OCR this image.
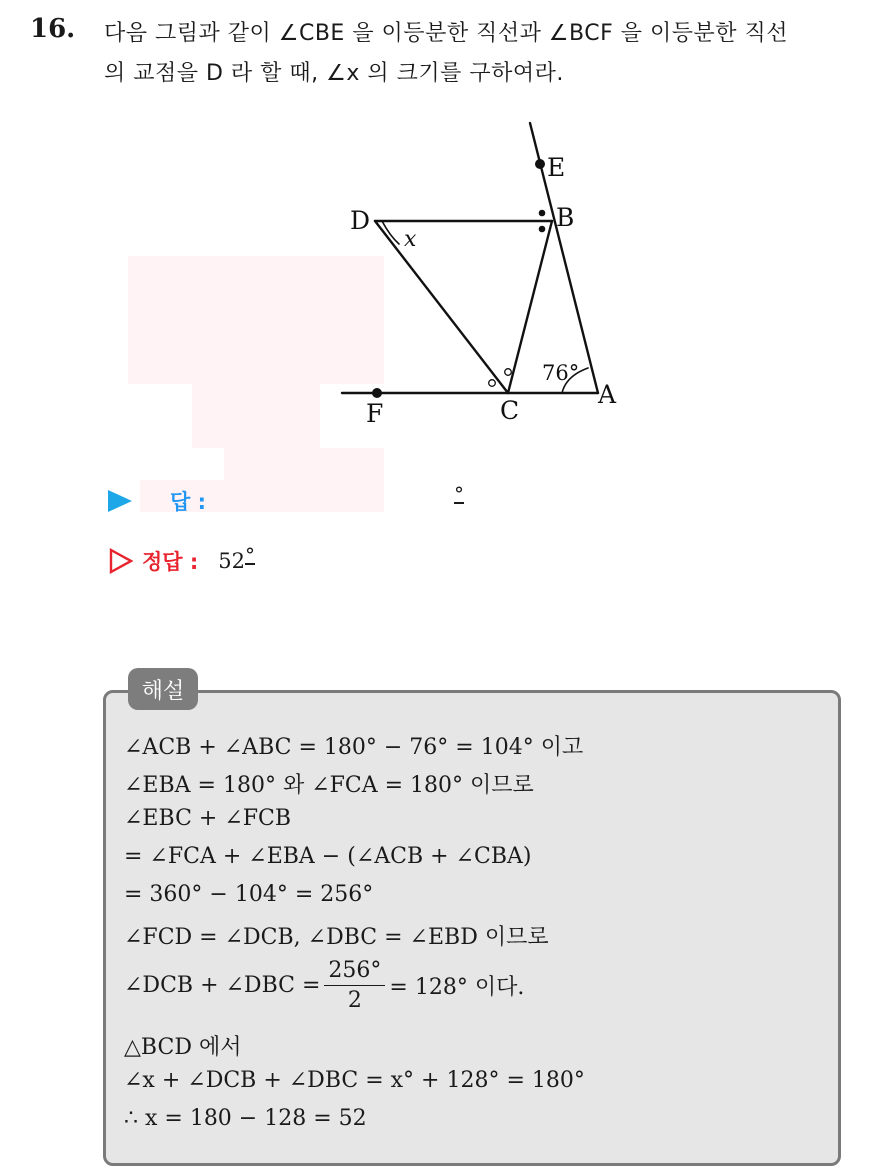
16. 다음 그림과 같이 ∠CBE 을 이등분한 직선과 ∠BCF 을 이등분한 직선
의 교점을 D 라 할 때, ∠x 의 크기를 구하여라.
E
D	B
A
F	C
x
76°
답 :	°
정답 : 52 °
해설
∠ACB + ∠ABC = 180° − 76° = 104° 이고
∠EBA = 180° 와 ∠FCA = 180° 이므로
∠EBC + ∠FCB
= ∠FCA + ∠EBA − (∠ACB + ∠CBA)
= 360° − 104° = 256°
∠FCD = ∠DCB, ∠DBC = ∠EBD 이므로
∠DCB + ∠DBC = $\frac{256^\circ}{2} = 128^\circ$ 이다.
△BCD 에서
∠x + ∠DCB + ∠DBC = x° + 128° = 180°
∴ x = 180 − 128 = 52
